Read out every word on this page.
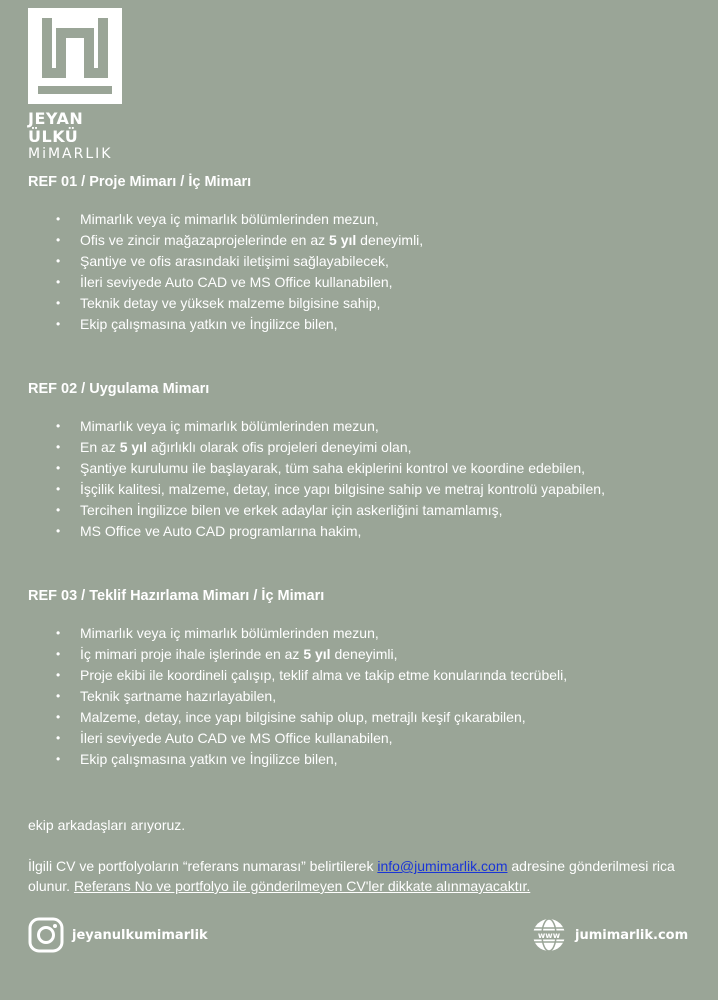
JEYAN ÜLKÜ
MiMARLIK
REF 01 / Proje Mimarı / İç Mimarı
• Mimarlık veya iç mimarlık bölümlerinden mezun,
• Ofis ve zincir mağazaprojelerinde en az 5 yıl deneyimli,
• Şantiye ve ofis arasındaki iletişimi sağlayabilecek,
• İleri seviyede Auto CAD ve MS Office kullanabilen,
• Teknik detay ve yüksek malzeme bilgisine sahip,
• Ekip çalışmasına yatkın ve İngilizce bilen,
REF 02 / Uygulama Mimarı
• Mimarlık veya iç mimarlık bölümlerinden mezun,
• En az 5 yıl ağırlıklı olarak ofis projeleri deneyimi olan,
• Şantiye kurulumu ile başlayarak, tüm saha ekiplerini kontrol ve koordine edebilen,
• İşçilik kalitesi, malzeme, detay, ince yapı bilgisine sahip ve metraj kontrolü yapabilen,
• Tercihen İngilizce bilen ve erkek adaylar için askerliğini tamamlamış,
• MS Office ve Auto CAD programlarına hakim,
REF 03 / Teklif Hazırlama Mimarı / İç Mimarı
• Mimarlık veya iç mimarlık bölümlerinden mezun,
• İç mimari proje ihale işlerinde en az 5 yıl deneyimli,
• Proje ekibi ile koordineli çalışıp, teklif alma ve takip etme konularında tecrübeli,
• Teknik şartname hazırlayabilen,
• Malzeme, detay, ince yapı bilgisine sahip olup, metrajlı keşif çıkarabilen,
• İleri seviyede Auto CAD ve MS Office kullanabilen,
• Ekip çalışmasına yatkın ve İngilizce bilen,
ekip arkadaşları arıyoruz.
İlgili CV ve portfolyoların “referans numarası” belirtilerek info@jumimarlik.com adresine gönderilmesi rica olunur. Referans No ve portfolyo ile gönderilmeyen CV'ler dikkate alınmayacaktır.
jeyanulkumimarlik	www jumimarlik.com
